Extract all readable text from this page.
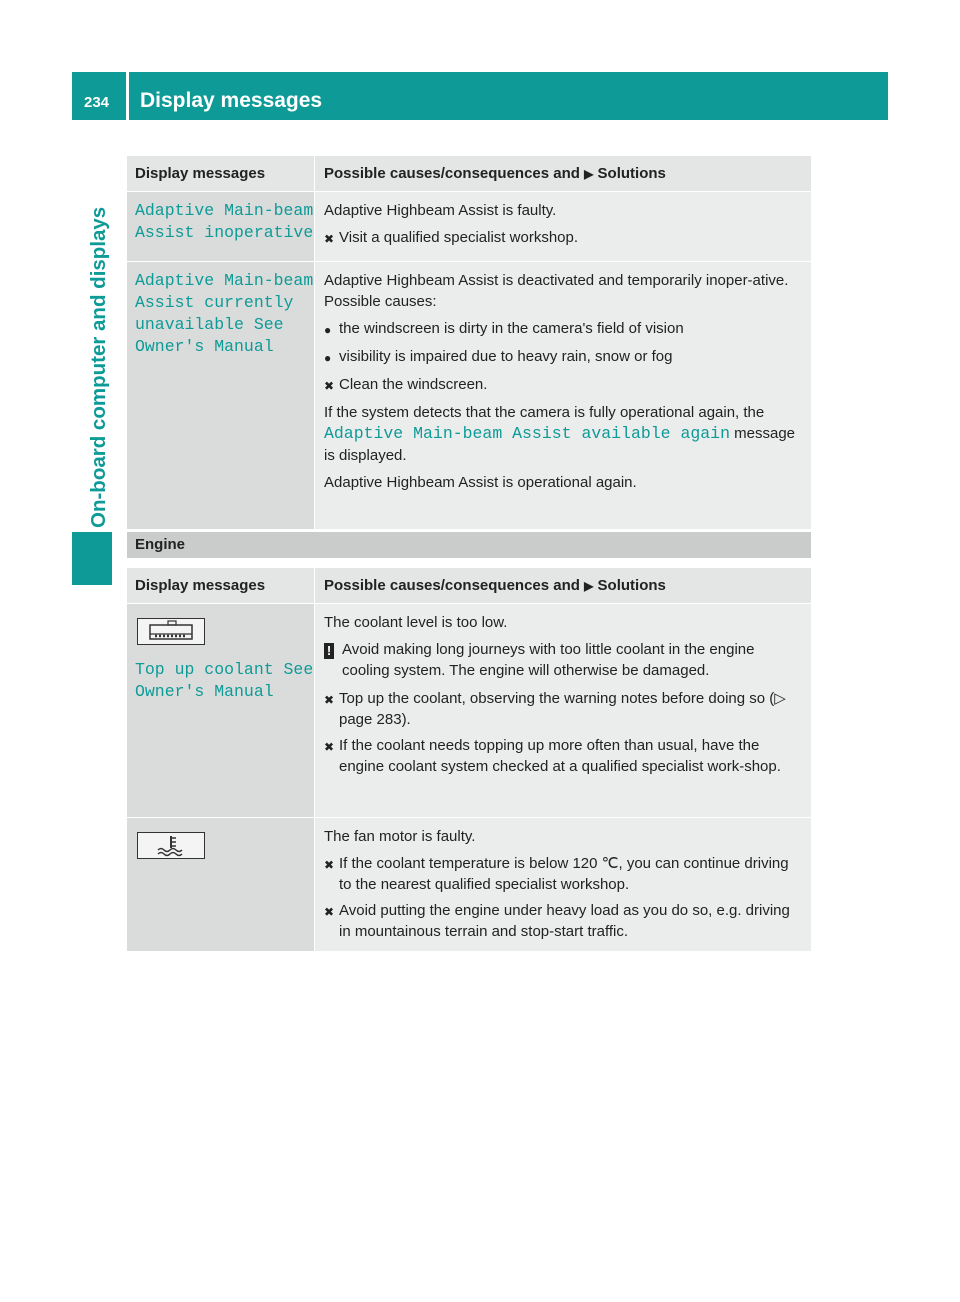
234 Display messages
On-board computer and displays
Display messages	Possible causes/consequences and ▶ Solutions
Adaptive Main-beam
Assist inoperative

Adaptive Highbeam Assist is faulty.

✖ Visit a qualified specialist workshop.
Adaptive Main-beam
Assist currently
unavailable See
Owner's Manual

Adaptive Highbeam Assist is deactivated and temporarily inoper-ative. Possible causes:

● the windscreen is dirty in the camera's field of vision
● visibility is impaired due to heavy rain, snow or fog
✖ Clean the windscreen.

If the system detects that the camera is fully operational again, the Adaptive Main-beam Assist available again message is displayed.

Adaptive Highbeam Assist is operational again.

Engine
Display messages	Possible causes/consequences and ▶ Solutions
Top up coolant See
Owner's Manual

The coolant level is too low.

! Avoid making long journeys with too little coolant in the engine cooling system. The engine will otherwise be damaged.
✖ Top up the coolant, observing the warning notes before doing so (▷ page 283).
✖ If the coolant needs topping up more often than usual, have the engine coolant system checked at a qualified specialist work-shop.

The fan motor is faulty.

✖ If the coolant temperature is below 120 ℃, you can continue driving to the nearest qualified specialist workshop.
✖ Avoid putting the engine under heavy load as you do so, e.g. driving in mountainous terrain and stop-start traffic.
